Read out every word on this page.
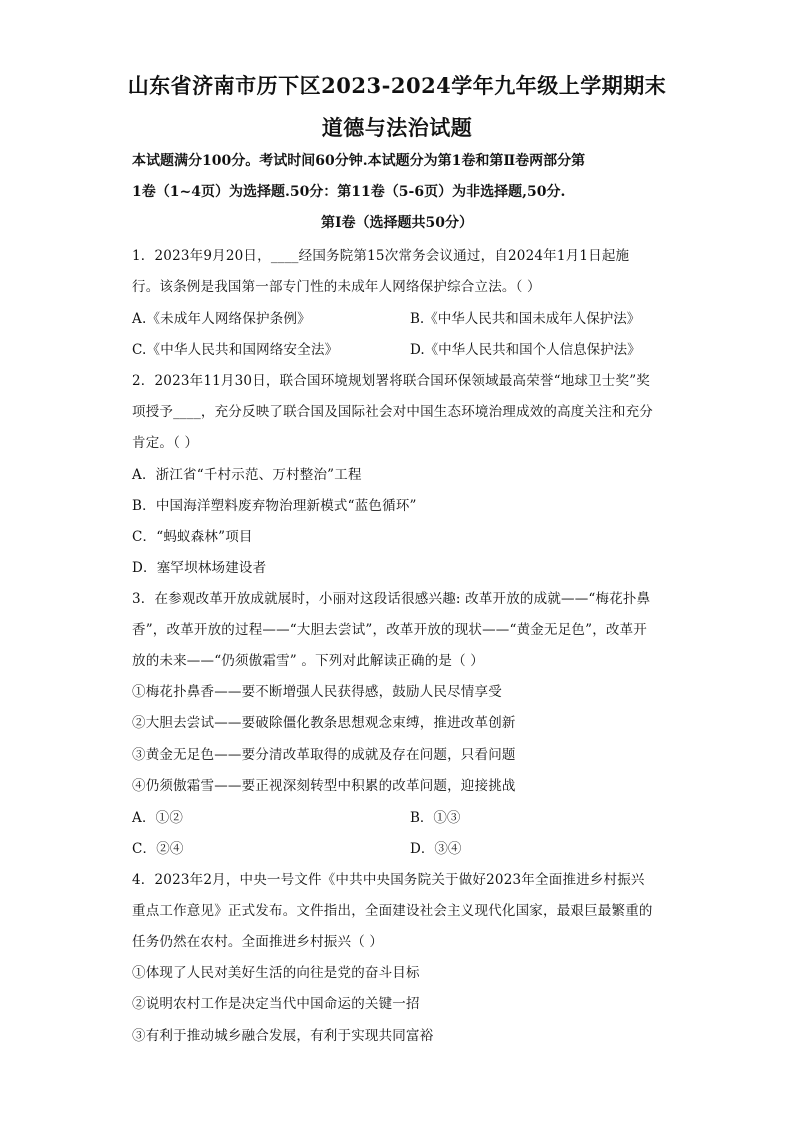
山东省济南市历下区2023-2024学年九年级上学期期末
道德与法治试题
本试题满分100分。考试时间60分钟.本试题分为第1卷和第Ⅱ卷两部分第
1卷（1~4页）为选择题.50分：第11卷（5-6页）为非选择题,50分.
第Ⅰ卷（选择题共50分）
1．2023年9月20日，____经国务院第15次常务会议通过，自2024年1月1日起施
行。该条例是我国第一部专门性的未成年人网络保护综合立法。（ ）
A.《未成年人网络保护条例》	B.《中华人民共和国未成年人保护法》
C.《中华人民共和国网络安全法》	D.《中华人民共和国个人信息保护法》
2．2023年11月30日，联合国环境规划署将联合国环保领域最高荣誉“地球卫士奖”奖
项授予____，充分反映了联合国及国际社会对中国生态环境治理成效的高度关注和充分
肯定。（ ）
A．浙江省“千村示范、万村整治”工程
B．中国海洋塑料废弃物治理新模式“蓝色循环”
C．“蚂蚁森林”项目
D．塞罕坝林场建设者
3．在参观改革开放成就展时，小丽对这段话很感兴趣: 改革开放的成就——“梅花扑鼻
香”，改革开放的过程——“大胆去尝试”，改革开放的现状——“黄金无足色”，改革开
放的未来——“仍须傲霜雪” 。下列对此解读正确的是（ ）
①梅花扑鼻香——要不断增强人民获得感，鼓励人民尽情享受
②大胆去尝试——要破除僵化教条思想观念束缚，推进改革创新
③黄金无足色——要分清改革取得的成就及存在问题，只看问题
④仍须傲霜雪——要正视深刻转型中积累的改革问题，迎接挑战
A．①②	B．①③
C．②④	D．③④
4．2023年2月，中央一号文件《中共中央国务院关于做好2023年全面推进乡村振兴
重点工作意见》正式发布。文件指出，全面建设社会主义现代化国家，最艰巨最繁重的
任务仍然在农村。全面推进乡村振兴（ ）
①体现了人民对美好生活的向往是党的奋斗目标
②说明农村工作是决定当代中国命运的关键一招
③有利于推动城乡融合发展，有利于实现共同富裕
